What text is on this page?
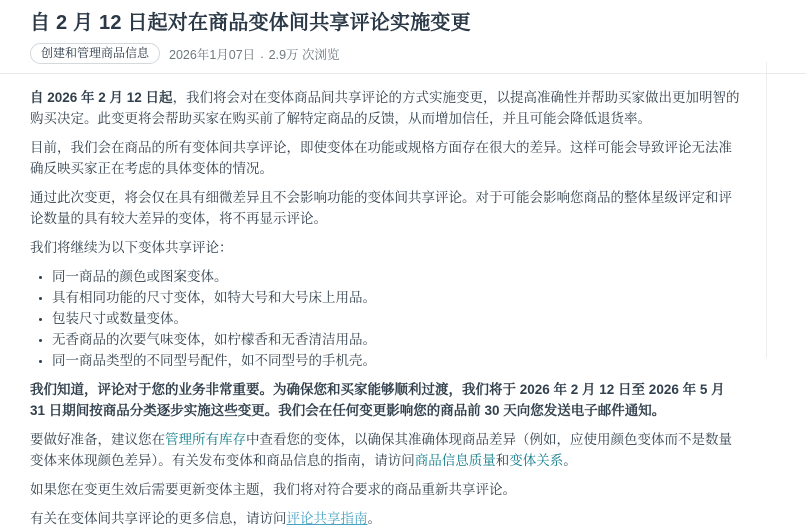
自 2 月 12 日起对在商品变体间共享评论实施变更
创建和管理商品信息	2026年1月07日 . 2.9万 次浏览

自 2026 年 2 月 12 日起，我们将会对在变体商品间共享评论的方式实施变更，以提高准确性并帮助买家做出更加明智的购买决定。此变更将会帮助买家在购买前了解特定商品的反馈，从而增加信任，并且可能会降低退货率。

目前，我们会在商品的所有变体间共享评论，即使变体在功能或规格方面存在很大的差异。这样可能会导致评论无法准确反映买家正在考虑的具体变体的情况。

通过此次变更，将会仅在具有细微差异且不会影响功能的变体间共享评论。对于可能会影响您商品的整体星级评定和评论数量的具有较大差异的变体，将不再显示评论。

我们将继续为以下变体共享评论：

• 同一商品的颜色或图案变体。
• 具有相同功能的尺寸变体，如特大号和大号床上用品。
• 包装尺寸或数量变体。
• 无香商品的次要气味变体，如柠檬香和无香清洁用品。
• 同一商品类型的不同型号配件，如不同型号的手机壳。

我们知道，评论对于您的业务非常重要。为确保您和买家能够顺利过渡，我们将于 2026 年 2 月 12 日至 2026 年 5 月 31 日期间按商品分类逐步实施这些变更。我们会在任何变更影响您的商品前 30 天向您发送电子邮件通知。

要做好准备，建议您在管理所有库存中查看您的变体，以确保其准确体现商品差异（例如，应使用颜色变体而不是数量变体来体现颜色差异）。有关发布变体和商品信息的指南，请访问商品信息质量和变体关系。

如果您在变更生效后需要更新变体主题，我们将对符合要求的商品重新共享评论。

有关在变体间共享评论的更多信息，请访问评论共享指南。
